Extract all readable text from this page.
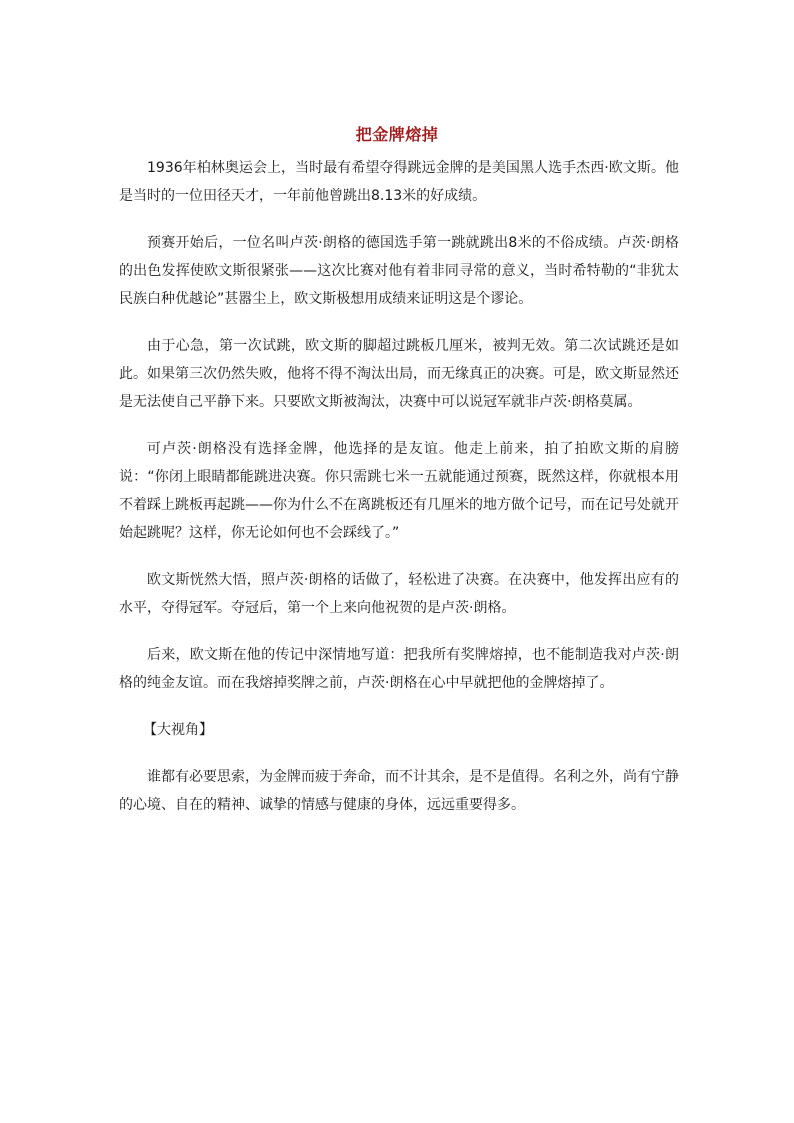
把金牌熔掉

1936年柏林奥运会上，当时最有希望夺得跳远金牌的是美国黑人选手杰西·欧文斯。他是当时的一位田径天才，一年前他曾跳出8.13米的好成绩。

预赛开始后，一位名叫卢茨·朗格的德国选手第一跳就跳出8米的不俗成绩。卢茨·朗格的出色发挥使欧文斯很紧张——这次比赛对他有着非同寻常的意义，当时希特勒的“非犹太民族白种优越论”甚嚣尘上，欧文斯极想用成绩来证明这是个谬论。

由于心急，第一次试跳，欧文斯的脚超过跳板几厘米，被判无效。第二次试跳还是如此。如果第三次仍然失败，他将不得不淘汰出局，而无缘真正的决赛。可是，欧文斯显然还是无法使自己平静下来。只要欧文斯被淘汰，决赛中可以说冠军就非卢茨·朗格莫属。

可卢茨·朗格没有选择金牌，他选择的是友谊。他走上前来，拍了拍欧文斯的肩膀说：“你闭上眼睛都能跳进决赛。你只需跳七米一五就能通过预赛，既然这样，你就根本用不着踩上跳板再起跳——你为什么不在离跳板还有几厘米的地方做个记号，而在记号处就开始起跳呢？这样，你无论如何也不会踩线了。”

欧文斯恍然大悟，照卢茨·朗格的话做了，轻松进了决赛。在决赛中，他发挥出应有的水平，夺得冠军。夺冠后，第一个上来向他祝贺的是卢茨·朗格。

后来，欧文斯在他的传记中深情地写道：把我所有奖牌熔掉，也不能制造我对卢茨·朗格的纯金友谊。而在我熔掉奖牌之前，卢茨·朗格在心中早就把他的金牌熔掉了。

【大视角】

谁都有必要思索，为金牌而疲于奔命，而不计其余，是不是值得。名利之外，尚有宁静的心境、自在的精神、诚挚的情感与健康的身体，远远重要得多。
